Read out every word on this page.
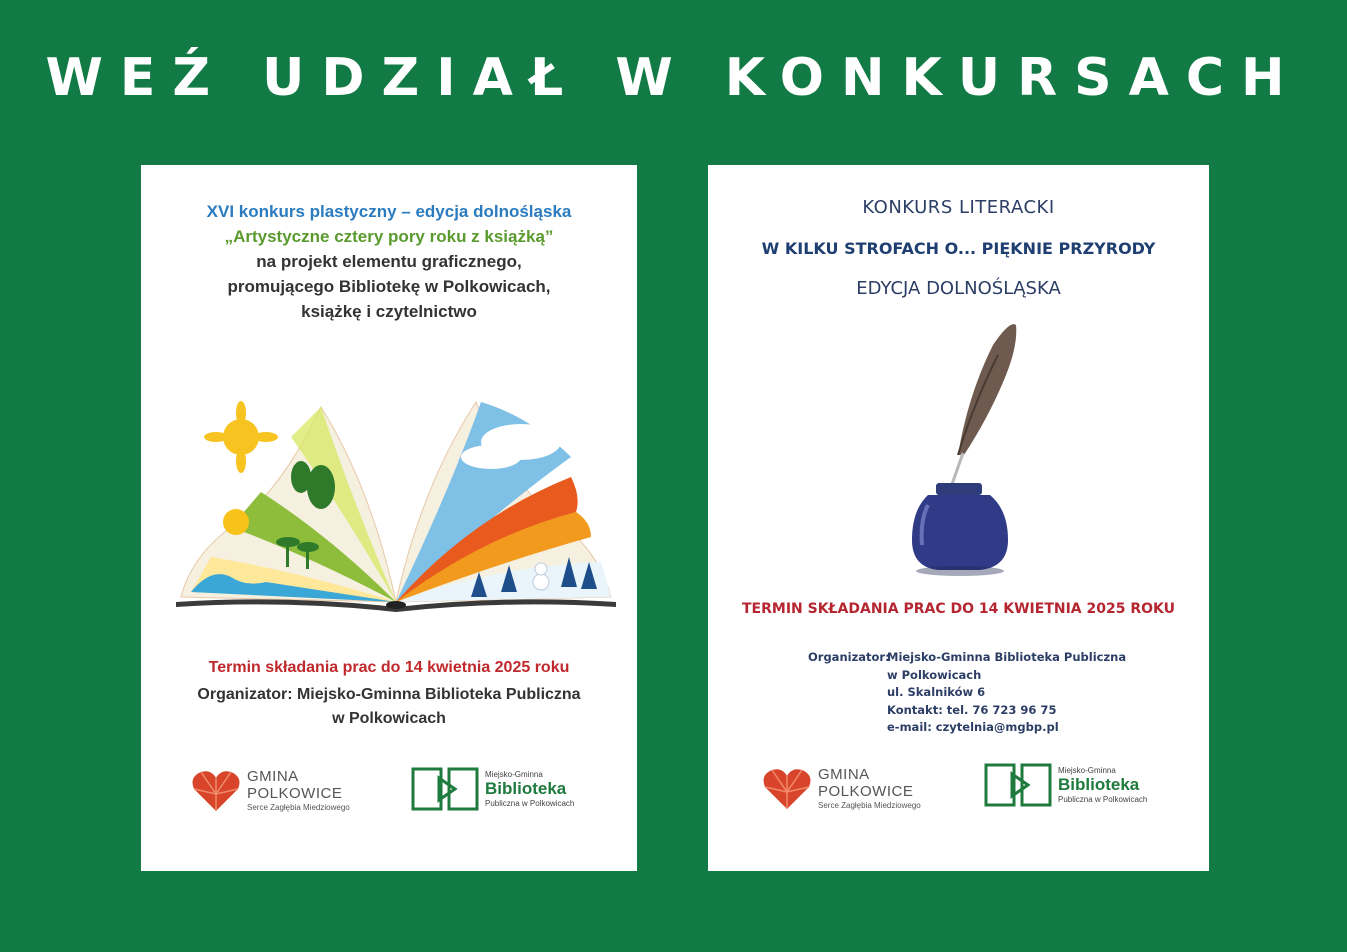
WEŹ UDZIAŁ W KONKURSACH
XVI konkurs plastyczny – edycja dolnośląska
„Artystyczne cztery pory roku z książką”
na projekt elementu graficznego,
promującego Bibliotekę w Polkowicach,
książkę i czytelnictwo
Termin składania prac do 14 kwietnia 2025 roku
Organizator: Miejsko-Gminna Biblioteka Publiczna
w Polkowicach
GMINA
POLKOWICE
Serce Zagłębia Miedziowego
Miejsko-Gminna
Biblioteka
Publiczna w Polkowicach
KONKURS LITERACKI
W KILKU STROFACH O... PIĘKNIE PRZYRODY
EDYCJA DOLNOŚLĄSKA
TERMIN SKŁADANIA PRAC DO 14 KWIETNIA 2025 ROKU
Organizator:
Miejsko-Gminna Biblioteka Publiczna
w Polkowicach
ul. Skalników 6
Kontakt: tel. 76 723 96 75
e-mail: czytelnia@mgbp.pl
GMINA
POLKOWICE
Serce Zagłębia Miedziowego
Miejsko-Gminna
Biblioteka
Publiczna w Polkowicach
